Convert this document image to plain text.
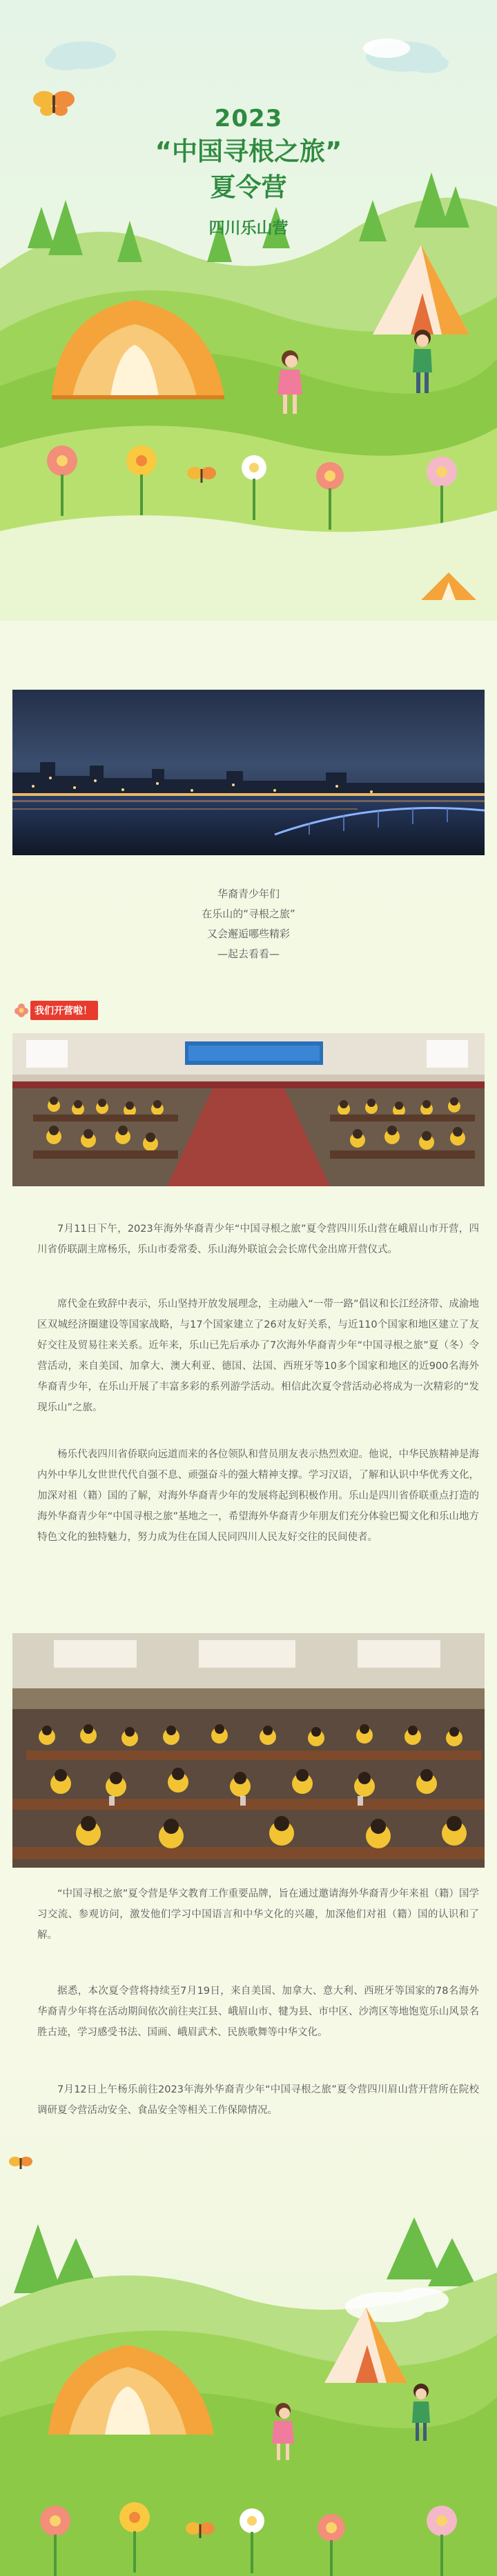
2023
“中国寻根之旅”
夏令营
四川乐山营
华裔青少年们
在乐山的“寻根之旅”
又会邂逅哪些精彩
—起去看看—
我们开营啦！

7月11日下午，2023年海外华裔青少年“中国寻根之旅”夏令营四川乐山营在峨眉山市开营，四川省侨联副主席杨乐，乐山市委常委、乐山海外联谊会会长席代金出席开营仪式。

席代金在致辞中表示，乐山坚持开放发展理念，主动融入“一带一路”倡议和长江经济带、成渝地区双城经济圈建设等国家战略，与17个国家建立了26对友好关系，与近110个国家和地区建立了友好交往及贸易往来关系。近年来，乐山已先后承办了7次海外华裔青少年“中国寻根之旅”夏（冬）令营活动，来自美国、加拿大、澳大利亚、德国、法国、西班牙等10多个国家和地区的近900名海外华裔青少年，在乐山开展了丰富多彩的系列游学活动。相信此次夏令营活动必将成为一次精彩的“发现乐山”之旅。

杨乐代表四川省侨联向远道而来的各位领队和营员朋友表示热烈欢迎。他说，中华民族精神是海内外中华儿女世世代代自强不息、顽强奋斗的强大精神支撑。学习汉语，了解和认识中华优秀文化，加深对祖（籍）国的了解，对海外华裔青少年的发展将起到积极作用。乐山是四川省侨联重点打造的海外华裔青少年“中国寻根之旅”基地之一，希望海外华裔青少年朋友们充分体验巴蜀文化和乐山地方特色文化的独特魅力，努力成为住在国人民同四川人民友好交往的民间使者。

“中国寻根之旅”夏令营是华文教育工作重要品牌，旨在通过邀请海外华裔青少年来祖（籍）国学习交流、参观访问，激发他们学习中国语言和中华文化的兴趣，加深他们对祖（籍）国的认识和了解。

据悉，本次夏令营将持续至7月19日，来自美国、加拿大、意大利、西班牙等国家的78名海外华裔青少年将在活动期间依次前往夹江县、峨眉山市、犍为县、市中区、沙湾区等地饱览乐山风景名胜古迹，学习感受书法、国画、峨眉武术、民族歌舞等中华文化。

7月12日上午杨乐前往2023年海外华裔青少年“中国寻根之旅”夏令营四川眉山营开营所在院校调研夏令营活动安全、食品安全等相关工作保障情况。
